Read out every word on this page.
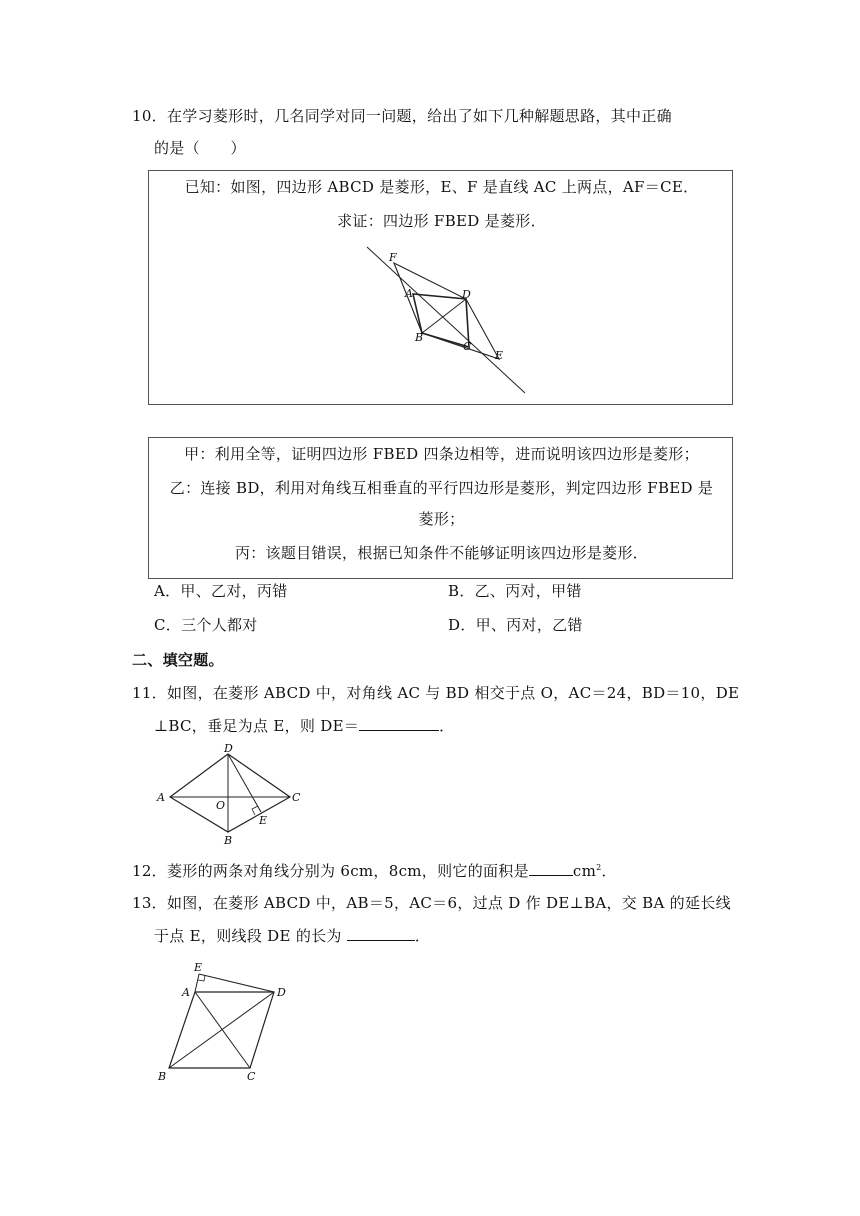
10．在学习菱形时，几名同学对同一问题，给出了如下几种解题思路，其中正确
的是（　　）
已知：如图，四边形 ABCD 是菱形，E、F 是直线 AC 上两点，AF＝CE．
求证：四边形 FBED 是菱形．
F
A	D
B
C
E
甲：利用全等，证明四边形 FBED 四条边相等，进而说明该四边形是菱形；
乙：连接 BD，利用对角线互相垂直的平行四边形是菱形，判定四边形 FBED 是
菱形；
丙：该题目错误，根据已知条件不能够证明该四边形是菱形．
A．甲、乙对，丙错	B．乙、丙对，甲错
C．三个人都对	D．甲、丙对，乙错
二、填空题。
11．如图，在菱形 ABCD 中，对角线 AC 与 BD 相交于点 O，AC＝24，BD＝10，DE
⊥BC，垂足为点 E，则 DE＝	．
D
A
O
C
E
B
12．菱形的两条对角线分别为 6cm，8cm，则它的面积是	$cm^2$．
13．如图，在菱形 ABCD 中，AB＝5，AC＝6，过点 D 作 DE⊥BA，交 BA 的延长线
于点 E，则线段 DE 的长为	．
E
A	D
B	C
